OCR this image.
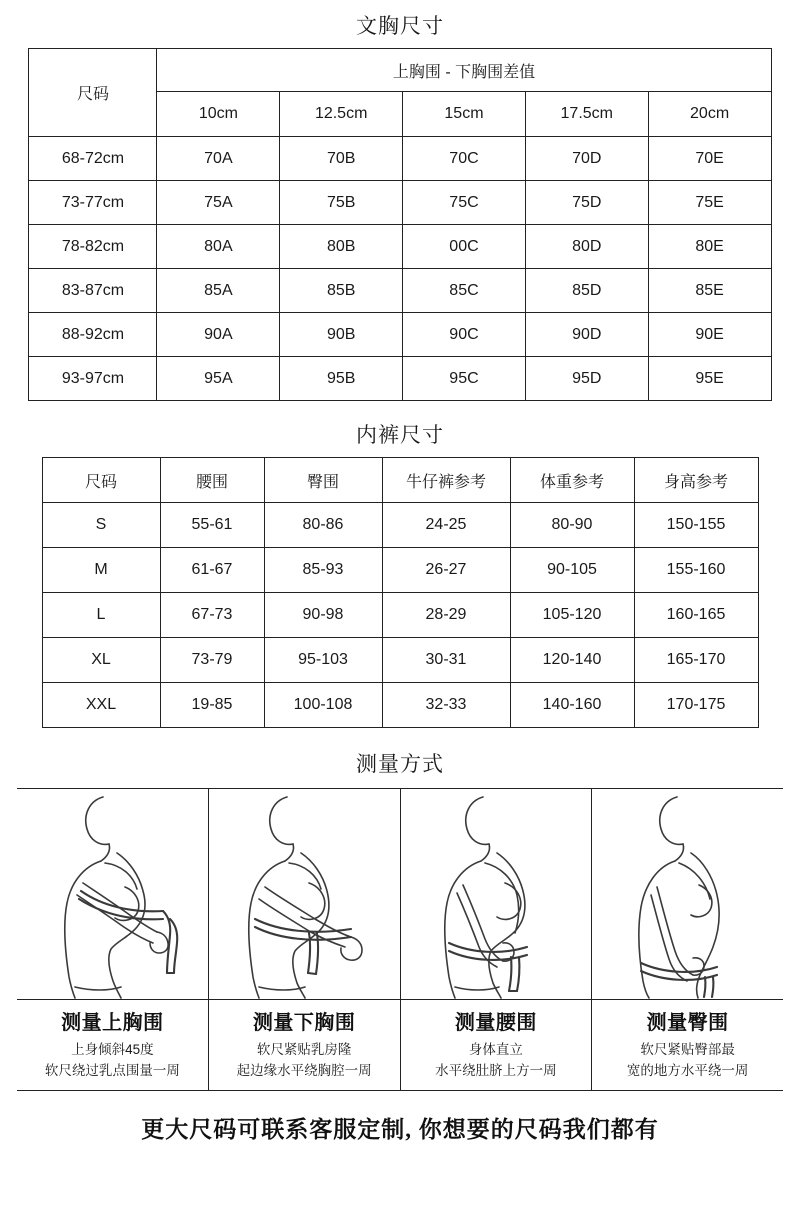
文胸尺寸
尺码	上胸围 - 下胸围差值				
	10cm	12.5cm	15cm	17.5cm	20cm
68-72cm	70A	70B	70C	70D	70E
73-77cm	75A	75B	75C	75D	75E
78-82cm	80A	80B	00C	80D	80E
83-87cm	85A	85B	85C	85D	85E
88-92cm	90A	90B	90C	90D	90E
93-97cm	95A	95B	95C	95D	95E
内裤尺寸
尺码	腰围	臀围	牛仔裤参考	体重参考	身高参考
S	55-61	80-86	24-25	80-90	150-155
M	61-67	85-93	26-27	90-105	155-160
L	67-73	90-98	28-29	105-120	160-165
XL	73-79	95-103	30-31	120-140	165-170
XXL	19-85	100-108	32-33	140-160	170-175
测量方式
测量上胸围
上身倾斜45度
软尺绕过乳点围量一周
测量下胸围
软尺紧贴乳房隆
起边缘水平绕胸腔一周
测量腰围
身体直立
水平绕肚脐上方一周
测量臀围
软尺紧贴臀部最
宽的地方水平绕一周
更大尺码可联系客服定制, 你想要的尺码我们都有
